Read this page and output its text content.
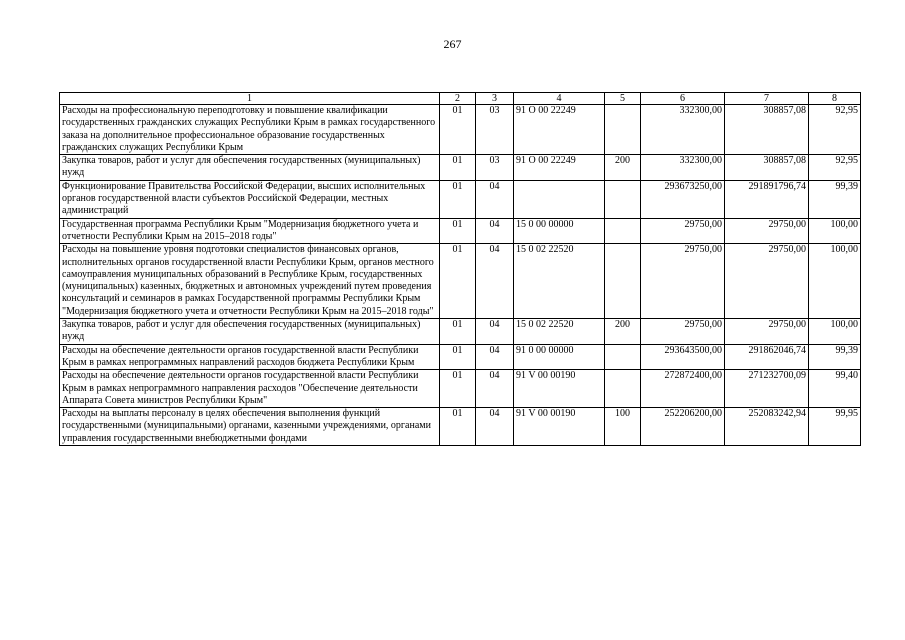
267
1	2	3	4	5	6	7	8
Расходы на профессиональную переподготовку и повышение квалификации государственных гражданских служащих Республики Крым в рамках государственного заказа на дополнительное профессиональное образование государственных гражданских служащих Республики Крым	01	03	91 О 00 22249		332300,00	308857,08	92,95
Закупка товаров, работ и услуг для обеспечения государственных (муниципальных) нужд	01	03	91 О 00 22249	200	332300,00	308857,08	92,95
Функционирование Правительства Российской Федерации, высших исполнительных органов государственной власти субъектов Российской Федерации, местных администраций	01	04			293673250,00	291891796,74	99,39
Государственная программа Республики Крым "Модернизация бюджетного учета и отчетности Республики Крым на 2015–2018 годы"	01	04	15 0 00 00000		29750,00	29750,00	100,00
Расходы на повышение уровня подготовки специалистов финансовых органов, исполнительных органов государственной власти Республики Крым, органов местного самоуправления муниципальных образований в Республике Крым, государственных (муниципальных) казенных, бюджетных и автономных учреждений путем проведения консультаций и семинаров в рамках Государственной программы Республики Крым "Модернизация бюджетного учета и отчетности Республики Крым на 2015–2018 годы"	01	04	15 0 02 22520		29750,00	29750,00	100,00
Закупка товаров, работ и услуг для обеспечения государственных (муниципальных) нужд	01	04	15 0 02 22520	200	29750,00	29750,00	100,00
Расходы на обеспечение деятельности органов государственной власти Республики Крым в рамках непрограммных направлений расходов бюджета Республики Крым	01	04	91 0 00 00000		293643500,00	291862046,74	99,39
Расходы на обеспечение деятельности органов государственной власти Республики Крым в рамках непрограммного направления расходов "Обеспечение деятельности Аппарата Совета министров Республики Крым"	01	04	91 V 00 00190		272872400,00	271232700,09	99,40
Расходы на выплаты персоналу в целях обеспечения выполнения функций государственными (муниципальными) органами, казенными учреждениями, органами управления государственными внебюджетными фондами	01	04	91 V 00 00190	100	252206200,00	252083242,94	99,95
